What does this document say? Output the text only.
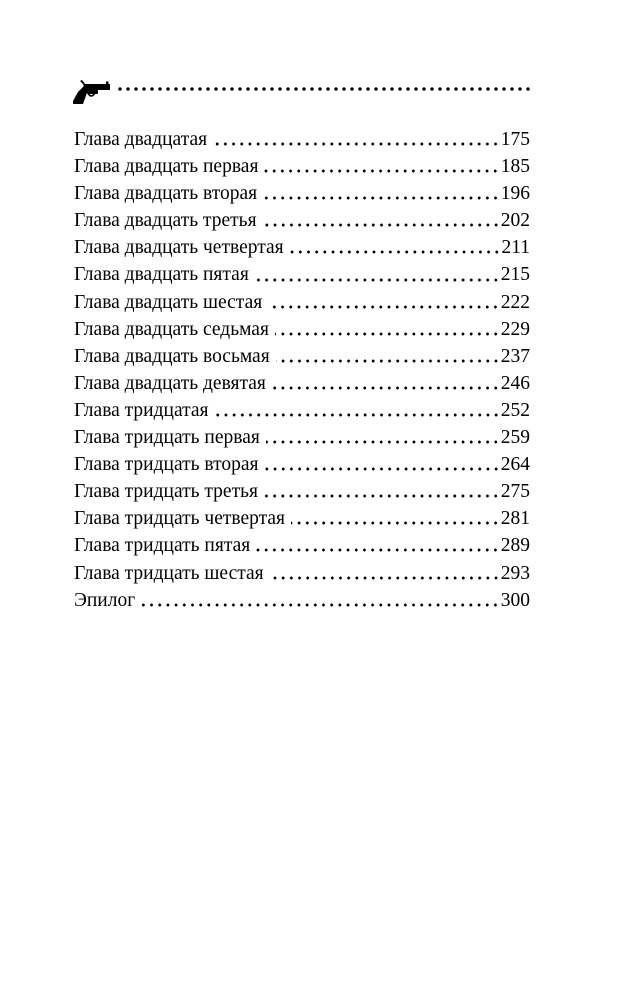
Глава двадцатая	175
Глава двадцать первая	185
Глава двадцать вторая	196
Глава двадцать третья	202
Глава двадцать четвертая	211
Глава двадцать пятая	215
Глава двадцать шестая	222
Глава двадцать седьмая	229
Глава двадцать восьмая	237
Глава двадцать девятая	246
Глава тридцатая	252
Глава тридцать первая	259
Глава тридцать вторая	264
Глава тридцать третья	275
Глава тридцать четвертая	281
Глава тридцать пятая	289
Глава тридцать шестая	293
Эпилог	300
